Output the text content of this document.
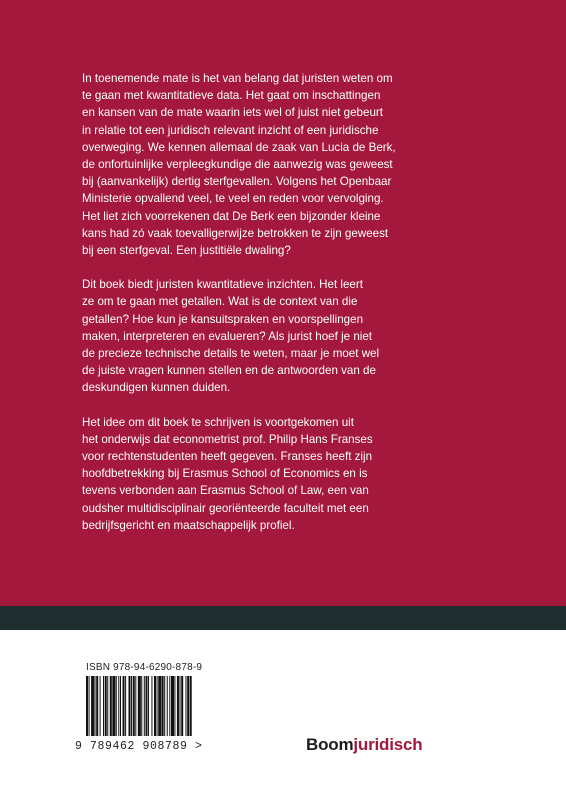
In toenemende mate is het van belang dat juristen weten om
te gaan met kwantitatieve data. Het gaat om inschattingen
en kansen van de mate waarin iets wel of juist niet gebeurt
in relatie tot een juridisch relevant inzicht of een juridische
overweging. We kennen allemaal de zaak van Lucia de Berk,
de onfortuinlijke verpleegkundige die aanwezig was geweest
bij (aanvankelijk) dertig sterfgevallen. Volgens het Openbaar
Ministerie opvallend veel, te veel en reden voor vervolging.
Het liet zich voorrekenen dat De Berk een bijzonder kleine
kans had zó vaak toevalligerwijze betrokken te zijn geweest
bij een sterfgeval. Een justitiële dwaling?

Dit boek biedt juristen kwantitatieve inzichten. Het leert
ze om te gaan met getallen. Wat is de context van die
getallen? Hoe kun je kansuitspraken en voorspellingen
maken, interpreteren en evalueren? Als jurist hoef je niet
de precieze technische details te weten, maar je moet wel
de juiste vragen kunnen stellen en de antwoorden van de
deskundigen kunnen duiden.

Het idee om dit boek te schrijven is voortgekomen uit
het onderwijs dat econometrist prof. Philip Hans Franses
voor rechtenstudenten heeft gegeven. Franses heeft zijn
hoofdbetrekking bij Erasmus School of Economics en is
tevens verbonden aan Erasmus School of Law, een van
oudsher multidisciplinair georiënteerde faculteit met een
bedrijfsgericht en maatschappelijk profiel.

ISBN 978-94-6290-878-9
9 789462 908789 >	Boomjuridisch
